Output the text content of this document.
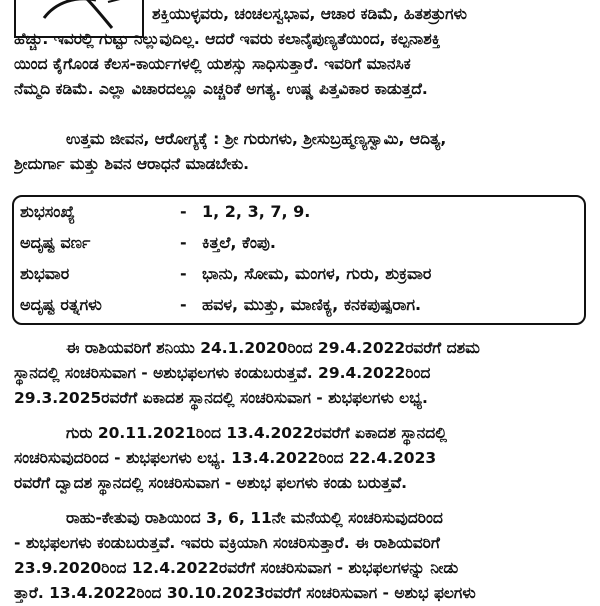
ಶಕ್ತಿಯುಳ್ಳವರು, ಚಂಚಲಸ್ವಭಾವ, ಆಚಾರ ಕಡಿಮೆ, ಹಿತಶತ್ರುಗಳು
ಹೆಚ್ಚು. ಇವರಲ್ಲಿ ಗುಟ್ಟು ನಿಲ್ಲುವುದಿಲ್ಲ. ಆದರೆ ಇವರು ಕಲಾನೈಪುಣ್ಯತೆಯಿಂದ, ಕಲ್ಪನಾಶಕ್ತಿ
ಯಿಂದ ಕೈಗೊಂಡ ಕೆಲಸ-ಕಾರ್ಯಗಳಲ್ಲಿ ಯಶಸ್ಸು ಸಾಧಿಸುತ್ತಾರೆ. ಇವರಿಗೆ ಮಾನಸಿಕ
ನೆಮ್ಮದಿ ಕಡಿಮೆ. ಎಲ್ಲಾ ವಿಚಾರದಲ್ಲೂ ಎಚ್ಚರಿಕೆ ಅಗತ್ಯ. ಉಷ್ಣ ಪಿತ್ತವಿಕಾರ ಕಾಡುತ್ತದೆ.
ಉತ್ತಮ ಜೀವನ, ಆರೋಗ್ಯಕ್ಕೆ : ಶ್ರೀ ಗುರುಗಳು, ಶ್ರೀಸುಬ್ರಹ್ಮಣ್ಯಸ್ವಾಮಿ, ಆದಿತ್ಯ,
ಶ್ರೀದುರ್ಗಾ ಮತ್ತು ಶಿವನ ಆರಾಧನೆ ಮಾಡಬೇಕು.
ಶುಭಸಂಖ್ಯೆ	- 1, 2, 3, 7, 9.
ಅದೃಷ್ಟ ವರ್ಣ	- ಕಿತ್ತಲೆ, ಕೆಂಪು.
ಶುಭವಾರ	- ಭಾನು, ಸೋಮ, ಮಂಗಳ, ಗುರು, ಶುಕ್ರವಾರ
ಅದೃಷ್ಟ ರತ್ನಗಳು	- ಹವಳ, ಮುತ್ತು, ಮಾಣಿಕ್ಯ, ಕನಕಪುಷ್ಪರಾಗ.
ಈ ರಾಶಿಯವರಿಗೆ ಶನಿಯು 24.1.2020ರಿಂದ 29.4.2022ರವರೆಗೆ ದಶಮ
ಸ್ಥಾನದಲ್ಲಿ ಸಂಚರಿಸುವಾಗ - ಅಶುಭಫಲಗಳು ಕಂಡುಬರುತ್ತವೆ. 29.4.2022ರಿಂದ
29.3.2025ರವರೆಗೆ ಏಕಾದಶ ಸ್ಥಾನದಲ್ಲಿ ಸಂಚರಿಸುವಾಗ - ಶುಭಫಲಗಳು ಲಭ್ಯ.
ಗುರು 20.11.2021ರಿಂದ 13.4.2022ರವರೆಗೆ ಏಕಾದಶ ಸ್ಥಾನದಲ್ಲಿ
ಸಂಚರಿಸುವುದರಿಂದ - ಶುಭಫಲಗಳು ಲಭ್ಯ. 13.4.2022ರಿಂದ 22.4.2023
ರವರೆಗೆ ದ್ವಾದಶ ಸ್ಥಾನದಲ್ಲಿ ಸಂಚರಿಸುವಾಗ - ಅಶುಭ ಫಲಗಳು ಕಂಡು ಬರುತ್ತವೆ.
ರಾಹು-ಕೇತುವು ರಾಶಿಯಿಂದ 3, 6, 11ನೇ ಮನೆಯಲ್ಲಿ ಸಂಚರಿಸುವುದರಿಂದ
- ಶುಭಫಲಗಳು ಕಂಡುಬರುತ್ತವೆ. ಇವರು ವಕ್ರಿಯಾಗಿ ಸಂಚರಿಸುತ್ತಾರೆ. ಈ ರಾಶಿಯವರಿಗೆ
23.9.2020ರಿಂದ 12.4.2022ರವರೆಗೆ ಸಂಚರಿಸುವಾಗ - ಶುಭಫಲಗಳನ್ನು ನೀಡು
ತ್ತಾರೆ. 13.4.2022ರಿಂದ 30.10.2023ರವರೆಗೆ ಸಂಚರಿಸುವಾಗ - ಅಶುಭ ಫಲಗಳು
